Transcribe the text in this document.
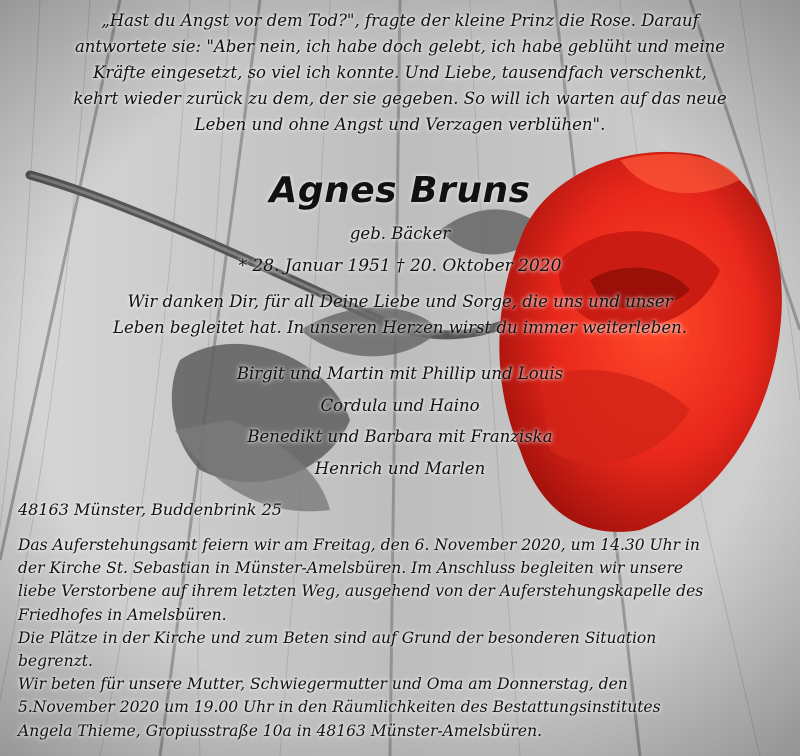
„Hast du Angst vor dem Tod?", fragte der kleine Prinz die Rose. Darauf
antwortete sie: "Aber nein, ich habe doch gelebt, ich habe geblüht und meine
Kräfte eingesetzt, so viel ich konnte. Und Liebe, tausendfach verschenkt,
kehrt wieder zurück zu dem, der sie gegeben. So will ich warten auf das neue
Leben und ohne Angst und Verzagen verblühen".
Agnes Bruns
geb. Bäcker
* 28. Januar 1951 † 20. Oktober 2020
Wir danken Dir, für all Deine Liebe und Sorge, die uns und unser
Leben begleitet hat. In unseren Herzen wirst du immer weiterleben.
Birgit und Martin mit Phillip und Louis
Cordula und Haino
Benedikt und Barbara mit Franziska
Henrich und Marlen
48163 Münster, Buddenbrink 25
Das Auferstehungsamt feiern wir am Freitag, den 6. November 2020, um 14.30 Uhr in
der Kirche St. Sebastian in Münster-Amelsbüren. Im Anschluss begleiten wir unsere
liebe Verstorbene auf ihrem letzten Weg, ausgehend von der Auferstehungskapelle des
Friedhofes in Amelsbüren.
Die Plätze in der Kirche und zum Beten sind auf Grund der besonderen Situation
begrenzt.
Wir beten für unsere Mutter, Schwiegermutter und Oma am Donnerstag, den
5.November 2020 um 19.00 Uhr in den Räumlichkeiten des Bestattungsinstitutes
Angela Thieme, Gropiusstraße 10a in 48163 Münster-Amelsbüren.
